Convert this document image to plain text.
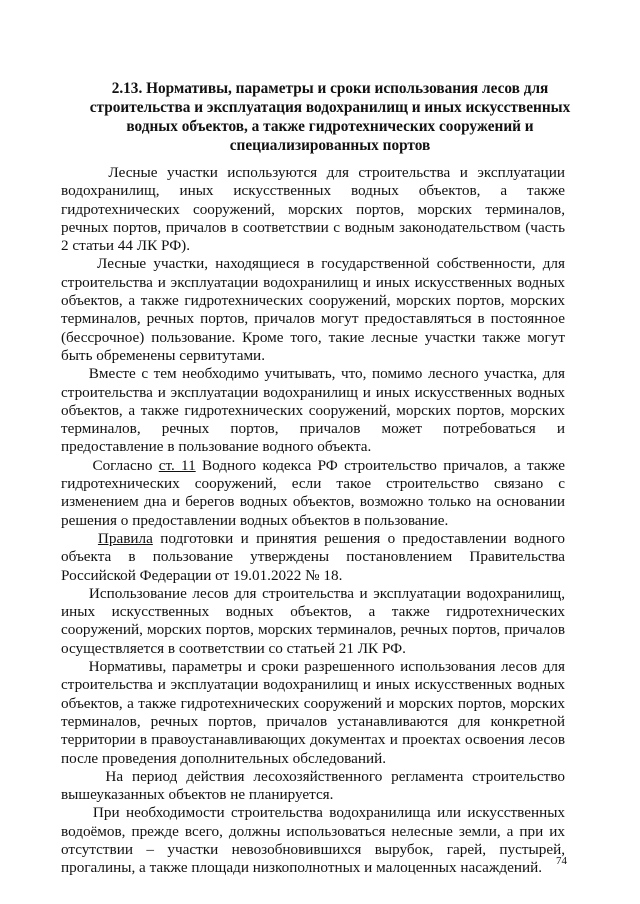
2.13. Нормативы, параметры и сроки использования лесов для
строительства и эксплуатация водохранилищ и иных искусственных
водных объектов, а также гидротехнических сооружений и
специализированных портов
Лесные участки используются для строительства и эксплуатации
водохранилищ, иных искусственных водных объектов, а также
гидротехнических сооружений, морских портов, морских терминалов,
речных портов, причалов в соответствии с водным законодательством (часть
2 статьи 44 ЛК РФ).
Лесные участки, находящиеся в государственной собственности, для
строительства и эксплуатации водохранилищ и иных искусственных водных
объектов, а также гидротехнических сооружений, морских портов, морских
терминалов, речных портов, причалов могут предоставляться в постоянное
(бессрочное) пользование. Кроме того, такие лесные участки также могут
быть обременены сервитутами.
Вместе с тем необходимо учитывать, что, помимо лесного участка, для
строительства и эксплуатации водохранилищ и иных искусственных водных
объектов, а также гидротехнических сооружений, морских портов, морских
терминалов, речных портов, причалов может потребоваться и
предоставление в пользование водного объекта.
Согласно ст. 11 Водного кодекса РФ строительство причалов, а также
гидротехнических сооружений, если такое строительство связано с
изменением дна и берегов водных объектов, возможно только на основании
решения о предоставлении водных объектов в пользование.
Правила подготовки и принятия решения о предоставлении водного
объекта в пользование утверждены постановлением Правительства
Российской Федерации от 19.01.2022 № 18.
Использование лесов для строительства и эксплуатации водохранилищ,
иных искусственных водных объектов, а также гидротехнических
сооружений, морских портов, морских терминалов, речных портов, причалов
осуществляется в соответствии со статьей 21 ЛК РФ.
Нормативы, параметры и сроки разрешенного использования лесов для
строительства и эксплуатации водохранилищ и иных искусственных водных
объектов, а также гидротехнических сооружений и морских портов, морских
терминалов, речных портов, причалов устанавливаются для конкретной
территории в правоустанавливающих документах и проектах освоения лесов
после проведения дополнительных обследований.
На период действия лесохозяйственного регламента строительство
вышеуказанных объектов не планируется.
При необходимости строительства водохранилища или искусственных
водоёмов, прежде всего, должны использоваться нелесные земли, а при их
отсутствии – участки невозобновившихся вырубок, гарей, пустырей,
прогалины, а также площади низкополнотных и малоценных насаждений.	74
